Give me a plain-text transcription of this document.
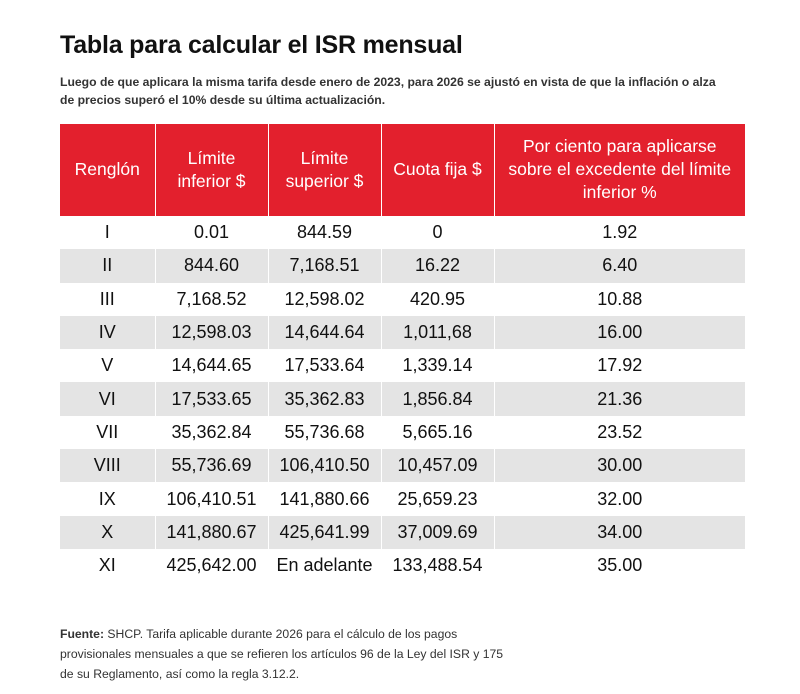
Tabla para calcular el ISR mensual

Luego de que aplicara la misma tarifa desde enero de 2023, para 2026 se ajustó en vista de que la inflación o alza de precios superó el 10% desde su última actualización.

Renglón	Límite inferior $	Límite superior $	Cuota fija $	Por ciento para aplicarse sobre el excedente del límite inferior %
I	0.01	844.59	0	1.92
II	844.60	7,168.51	16.22	6.40
III	7,168.52	12,598.02	420.95	10.88
IV	12,598.03	14,644.64	1,011,68	16.00
V	14,644.65	17,533.64	1,339.14	17.92
VI	17,533.65	35,362.83	1,856.84	21.36
VII	35,362.84	55,736.68	5,665.16	23.52
VIII	55,736.69	106,410.50	10,457.09	30.00
IX	106,410.51	141,880.66	25,659.23	32.00
X	141,880.67	425,641.99	37,009.69	34.00
XI	425,642.00	En adelante	133,488.54	35.00

Fuente: SHCP. Tarifa aplicable durante 2026 para el cálculo de los pagos provisionales mensuales a que se refieren los artículos 96 de la Ley del ISR y 175 de su Reglamento, así como la regla 3.12.2.
